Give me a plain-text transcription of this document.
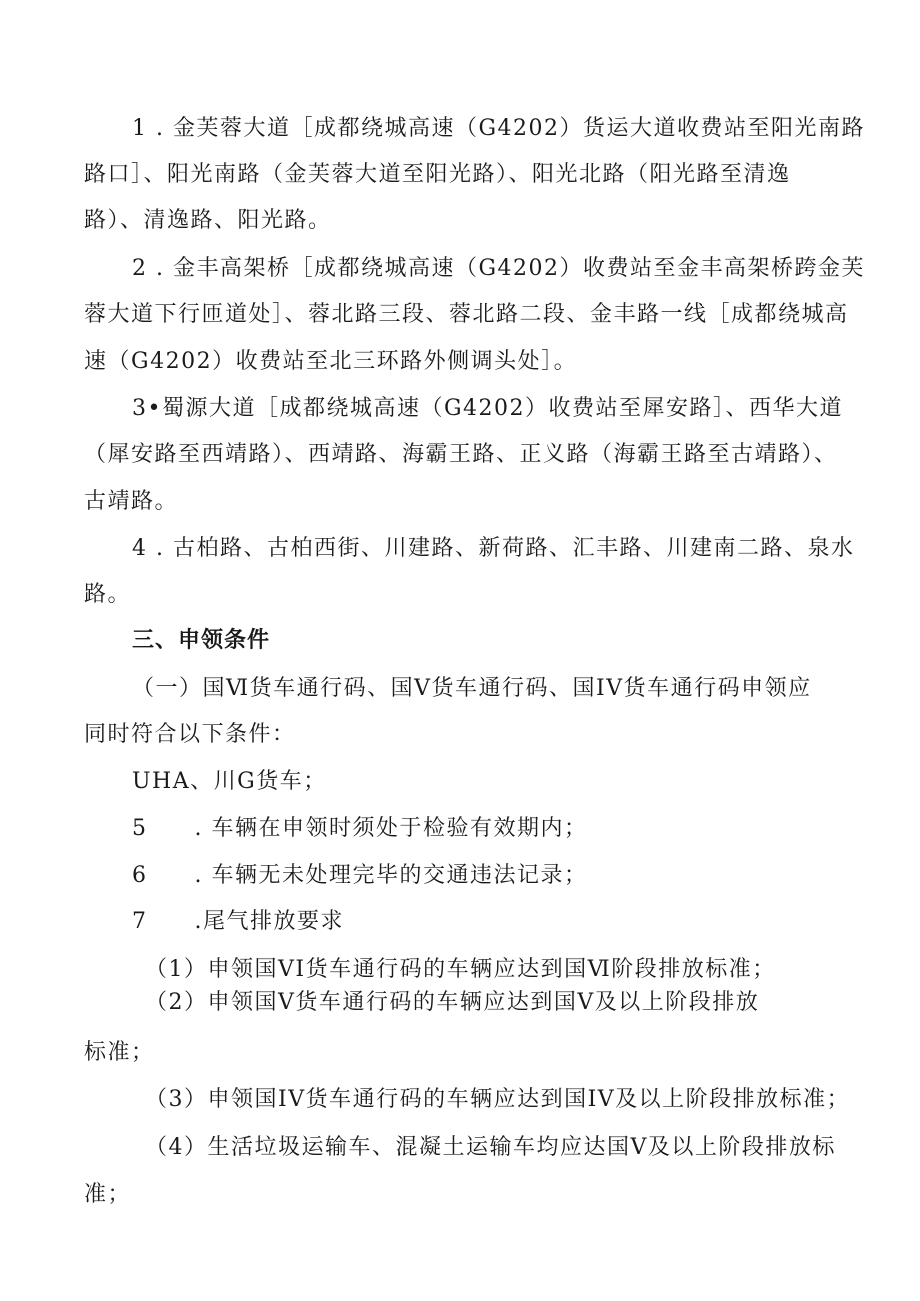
1 . 金芙蓉大道［成都绕城高速（G4202）货运大道收费站至阳光南路
路口］、阳光南路（金芙蓉大道至阳光路）、阳光北路（阳光路至清逸
路）、清逸路、阳光路。
2 . 金丰高架桥［成都绕城高速（G4202）收费站至金丰高架桥跨金芙
蓉大道下行匝道处］、蓉北路三段、蓉北路二段、金丰路一线［成都绕城高
速（G4202）收费站至北三环路外侧调头处］。
3•蜀源大道［成都绕城高速（G4202）收费站至犀安路］、西华大道
（犀安路至西靖路）、西靖路、海霸王路、正义路（海霸王路至古靖路）、
古靖路。
4 . 古柏路、古柏西街、川建路、新荷路、汇丰路、川建南二路、泉水
路。
三、申领条件
（一）国Ⅵ货车通行码、国V货车通行码、国IV货车通行码申领应
同时符合以下条件：
UHA、川G货车；
5　　. 车辆在申领时须处于检验有效期内；
6　　. 车辆无未处理完毕的交通违法记录；
7　　.尾气排放要求
（1）申领国VI货车通行码的车辆应达到国Ⅵ阶段排放标准；
（2）申领国V货车通行码的车辆应达到国V及以上阶段排放
标准；
（3）申领国IV货车通行码的车辆应达到国IV及以上阶段排放标准；
（4）生活垃圾运输车、混凝土运输车均应达国V及以上阶段排放标
准；
